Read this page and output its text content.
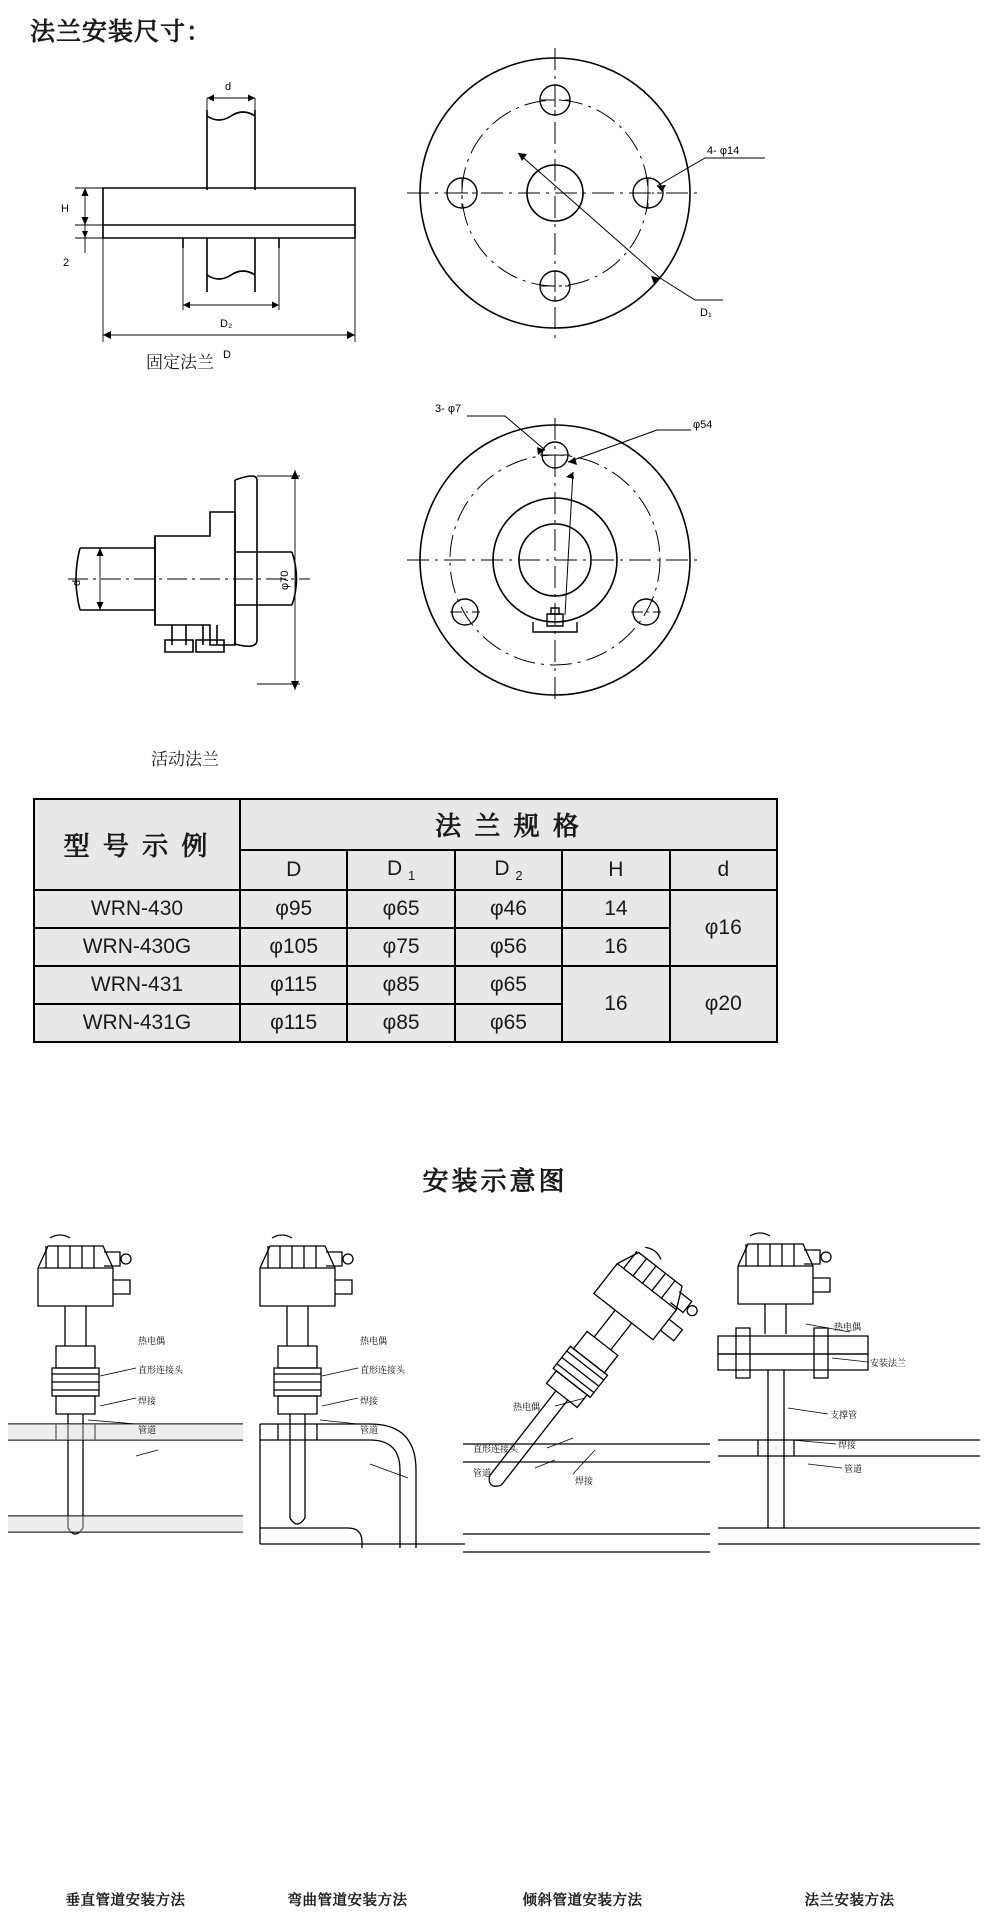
法兰安装尺寸：
d
H
2
D₂
D
固定法兰
4- φ14
D₁
d	φ70
活动法兰
3- φ7
φ54
型 号 示 例	法 兰 规 格				
	D	D $_1$	D $_2$	H	d
WRN-430	φ95	φ65	φ46	14	φ16
WRN-430G	φ105	φ75	φ56	16	
WRN-431	φ115	φ85	φ65	16	φ20
WRN-431G	φ115	φ85	φ65		
安装示意图
热电偶
直形连接头
焊接
管道
垂直管道安装方法
热电偶
直形连接头
焊接
管道
弯曲管道安装方法
热电偶
直形连接头
管道
焊接
倾斜管道安装方法
热电偶
安装法兰
支撑管
焊接
管道
法兰安装方法
